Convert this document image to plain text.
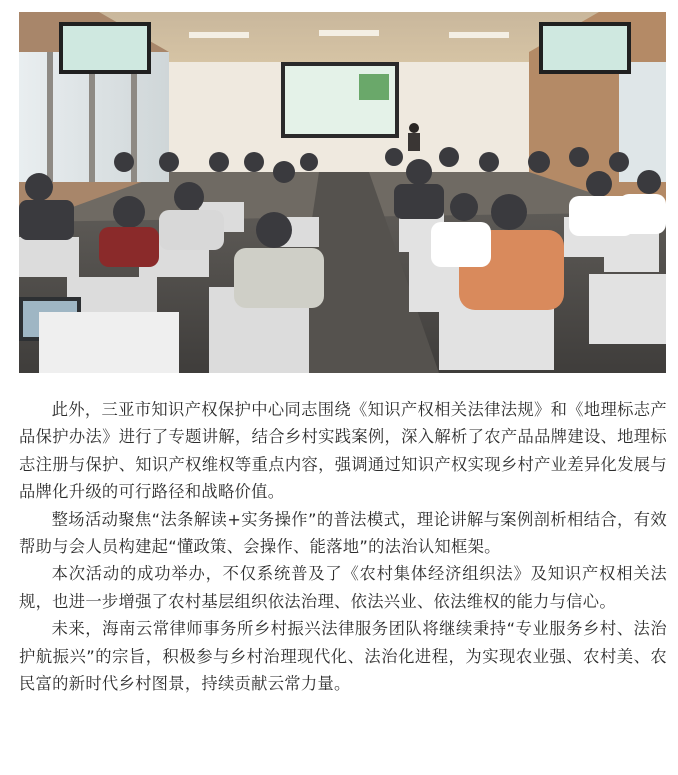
此外，三亚市知识产权保护中心同志围绕《知识产权相关法律法规》和《地理标志产品保护办法》进行了专题讲解，结合乡村实践案例，深入解析了农产品品牌建设、地理标志注册与保护、知识产权维权等重点内容，强调通过知识产权实现乡村产业差异化发展与品牌化升级的可行路径和战略价值。

整场活动聚焦“法条解读+实务操作”的普法模式，理论讲解与案例剖析相结合，有效帮助与会人员构建起“懂政策、会操作、能落地”的法治认知框架。

本次活动的成功举办，不仅系统普及了《农村集体经济组织法》及知识产权相关法规，也进一步增强了农村基层组织依法治理、依法兴业、依法维权的能力与信心。

未来，海南云常律师事务所乡村振兴法律服务团队将继续秉持“专业服务乡村、法治护航振兴”的宗旨，积极参与乡村治理现代化、法治化进程，为实现农业强、农村美、农民富的新时代乡村图景，持续贡献云常力量。
